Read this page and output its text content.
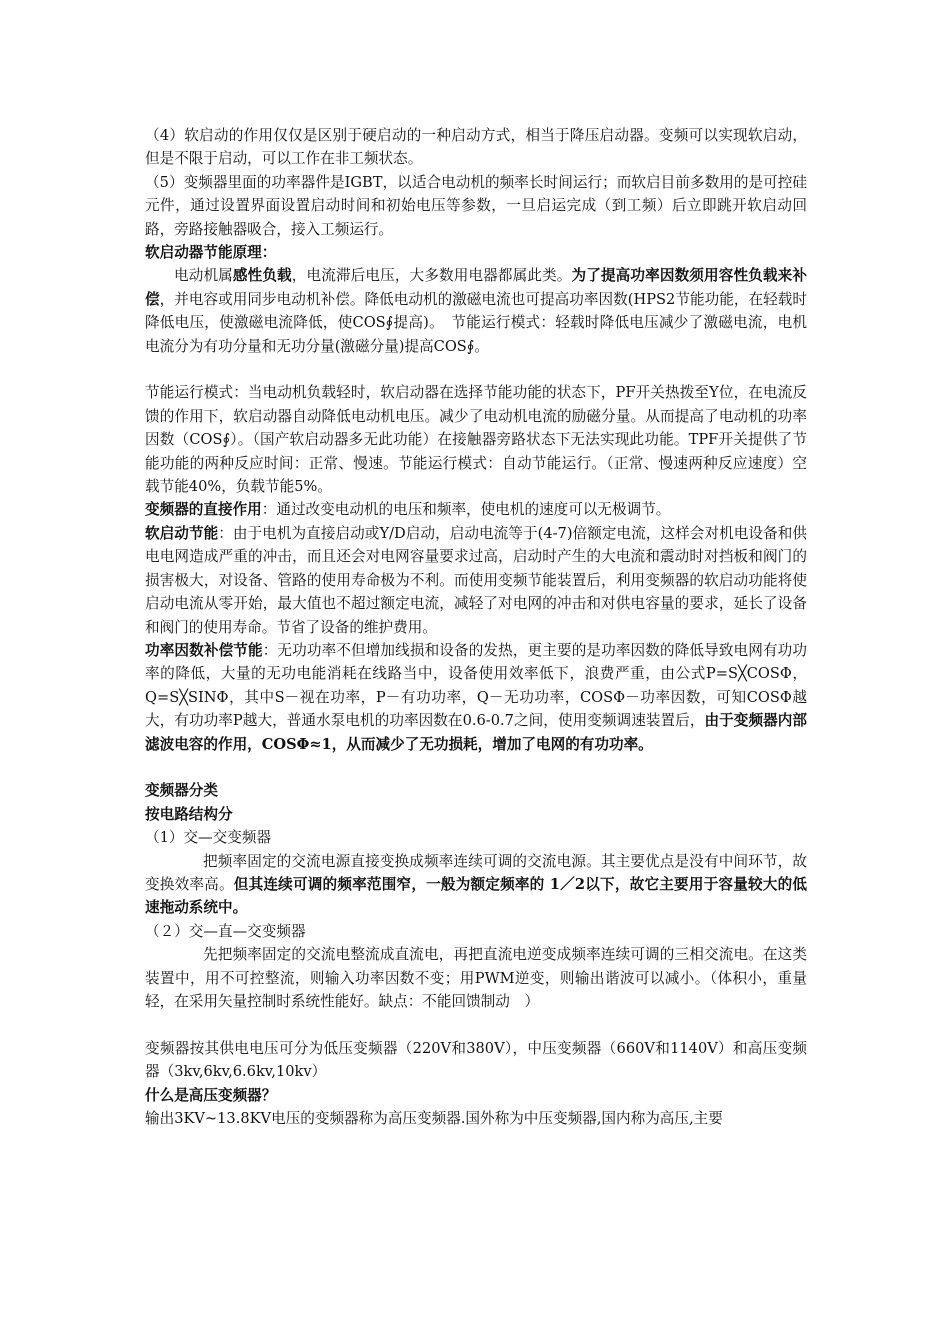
（4）软启动的作用仅仅是区别于硬启动的一种启动方式，相当于降压启动器。变频可以实现软启动，但是不限于启动，可以工作在非工频状态。

（5）变频器里面的功率器件是IGBT，以适合电动机的频率长时间运行；而软启目前多数用的是可控硅元件，通过设置界面设置启动时间和初始电压等参数，一旦启运完成（到工频）后立即跳开软启动回路，旁路接触器吸合，接入工频运行。

软启动器节能原理：

电动机属感性负载，电流滞后电压，大多数用电器都属此类。为了提高功率因数须用容性负载来补偿，并电容或用同步电动机补偿。降低电动机的激磁电流也可提高功率因数(HPS2节能功能，在轻载时降低电压，使激磁电流降低，使COS∮提高)。　节能运行模式：轻载时降低电压减少了激磁电流，电机电流分为有功分量和无功分量(激磁分量)提高COS∮。

节能运行模式：当电动机负载轻时，软启动器在选择节能功能的状态下，PF开关热拨至Y位，在电流反馈的作用下，软启动器自动降低电动机电压。减少了电动机电流的励磁分量。从而提高了电动机的功率因数（COS∮）。（国产软启动器多无此功能）在接触器旁路状态下无法实现此功能。TPF开关提供了节能功能的两种反应时间：正常、慢速。节能运行模式：自动节能运行。（正常、慢速两种反应速度）空载节能40%，负载节能5%。

变频器的直接作用：通过改变电动机的电压和频率，使电机的速度可以无极调节。

软启动节能：由于电机为直接启动或Y/D启动，启动电流等于(4-7)倍额定电流，这样会对机电设备和供电电网造成严重的冲击，而且还会对电网容量要求过高，启动时产生的大电流和震动时对挡板和阀门的损害极大，对设备、管路的使用寿命极为不利。而使用变频节能装置后，利用变频器的软启动功能将使启动电流从零开始，最大值也不超过额定电流，减轻了对电网的冲击和对供电容量的要求，延长了设备和阀门的使用寿命。节省了设备的维护费用。

功率因数补偿节能：无功功率不但增加线损和设备的发热，更主要的是功率因数的降低导致电网有功功率的降低，大量的无功电能消耗在线路当中，设备使用效率低下，浪费严重，由公式P=S╳COSΦ，Q=S╳SINΦ，其中S－视在功率，P－有功功率，Q－无功功率，COSΦ－功率因数，可知COSΦ越大，有功功率P越大，普通水泵电机的功率因数在0.6-0.7之间，使用变频调速装置后，由于变频器内部滤波电容的作用，COSΦ≈1，从而减少了无功损耗，增加了电网的有功功率。

变频器分类

按电路结构分

（1）交—交变频器

把频率固定的交流电源直接变换成频率连续可调的交流电源。其主要优点是没有中间环节，故变换效率高。但其连续可调的频率范围窄，一般为额定频率的 1／2以下，故它主要用于容量较大的低速拖动系统中。

（２）交—直—交变频器

先把频率固定的交流电整流成直流电，再把直流电逆变成频率连续可调的三相交流电。在这类装置中，用不可控整流，则输入功率因数不变；用PWM逆变，则输出谐波可以减小。（体积小，重量轻，在采用矢量控制时系统性能好。缺点：不能回馈制动　）

变频器按其供电电压可分为低压变频器（220V和380V），中压变频器（660V和1140V）和高压变频器（3kv,6kv,6.6kv,10kv）

什么是高压变频器？

输出3KV~13.8KV电压的变频器称为高压变频器.国外称为中压变频器,国内称为高压,主要
